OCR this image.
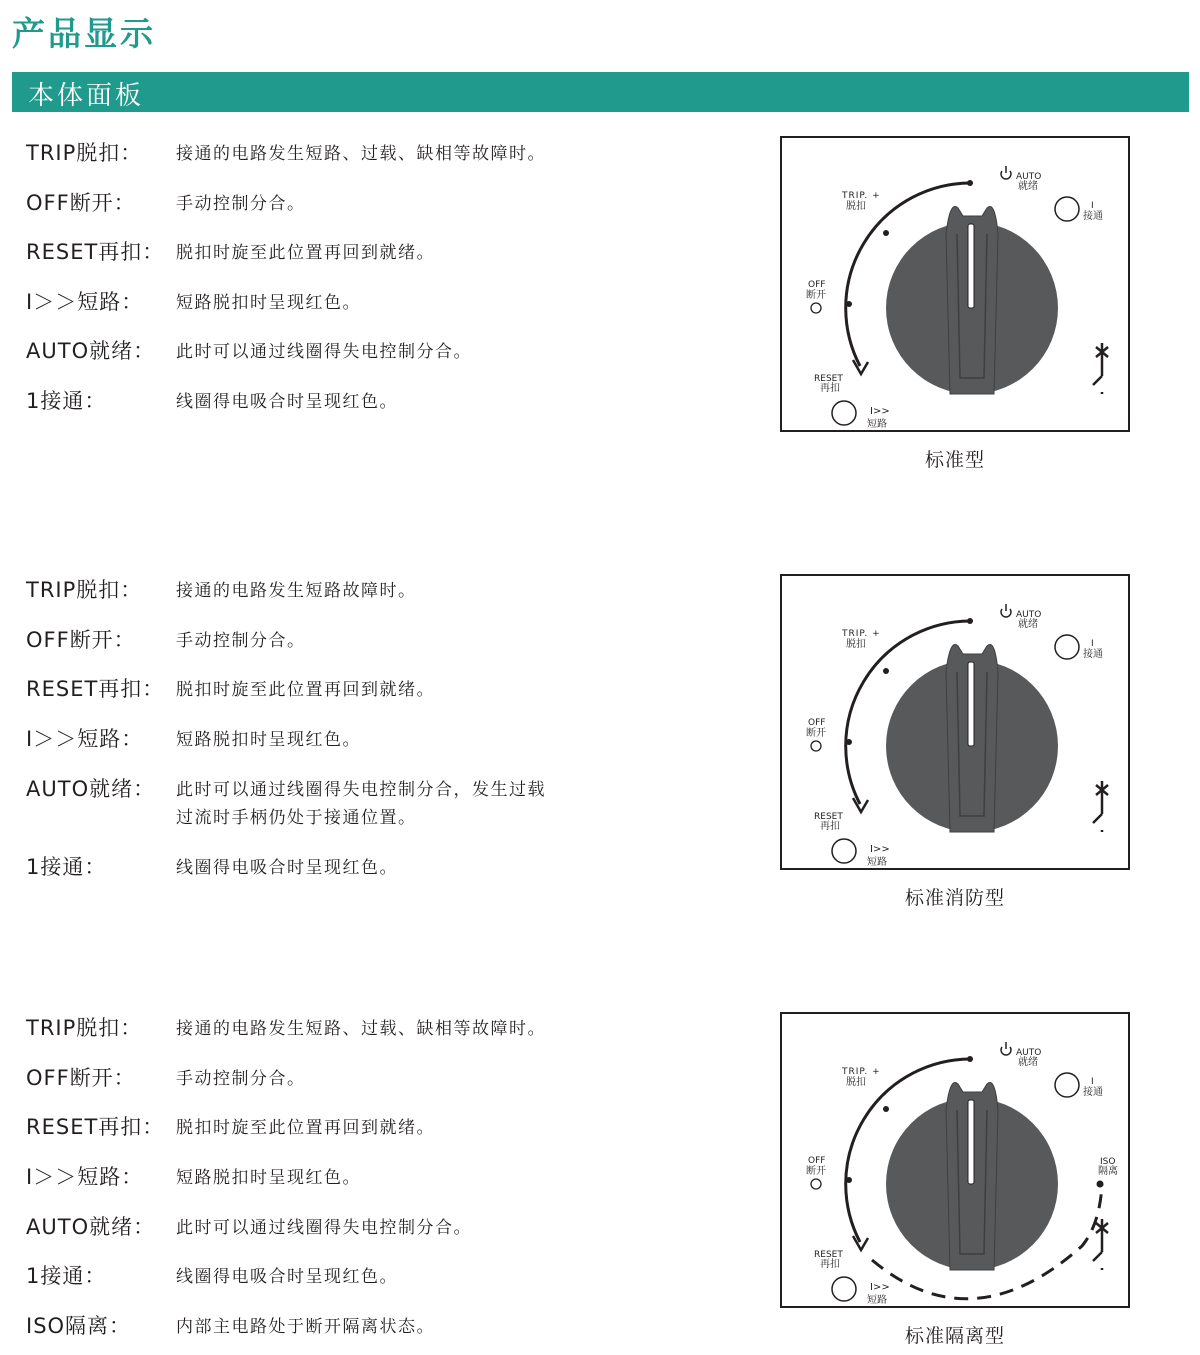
产品显示
本体面板
TRIP脱扣： 接通的电路发生短路、过载、缺相等故障时。
OFF断开： 手动控制分合。
RESET再扣： 脱扣时旋至此位置再回到就绪。
I＞＞短路： 短路脱扣时呈现红色。
AUTO就绪： 此时可以通过线圈得失电控制分合。
1接通：	线圈得电吸合时呈现红色。
TRIP. +
脱扣
OFF
断开
RESET
再扣
I>>
短路
AUTO
就绪
I
接通
标准型
TRIP脱扣： 接通的电路发生短路故障时。
OFF断开： 手动控制分合。
RESET再扣： 脱扣时旋至此位置再回到就绪。
I＞＞短路： 短路脱扣时呈现红色。
AUTO就绪： 此时可以通过线圈得失电控制分合，发生过载
过流时手柄仍处于接通位置。
1接通：	线圈得电吸合时呈现红色。
TRIP. +
脱扣
OFF
断开
RESET
再扣
I>>
短路
AUTO
就绪
I
接通
标准消防型
TRIP脱扣： 接通的电路发生短路、过载、缺相等故障时。
OFF断开： 手动控制分合。
RESET再扣： 脱扣时旋至此位置再回到就绪。
I＞＞短路： 短路脱扣时呈现红色。
AUTO就绪： 此时可以通过线圈得失电控制分合。
1接通：	线圈得电吸合时呈现红色。
ISO隔离：	内部主电路处于断开隔离状态。
TRIP. +
脱扣
OFF
断开
RESET
再扣
I>>
短路
AUTO
就绪
I
接通
ISO
隔离
标准隔离型
